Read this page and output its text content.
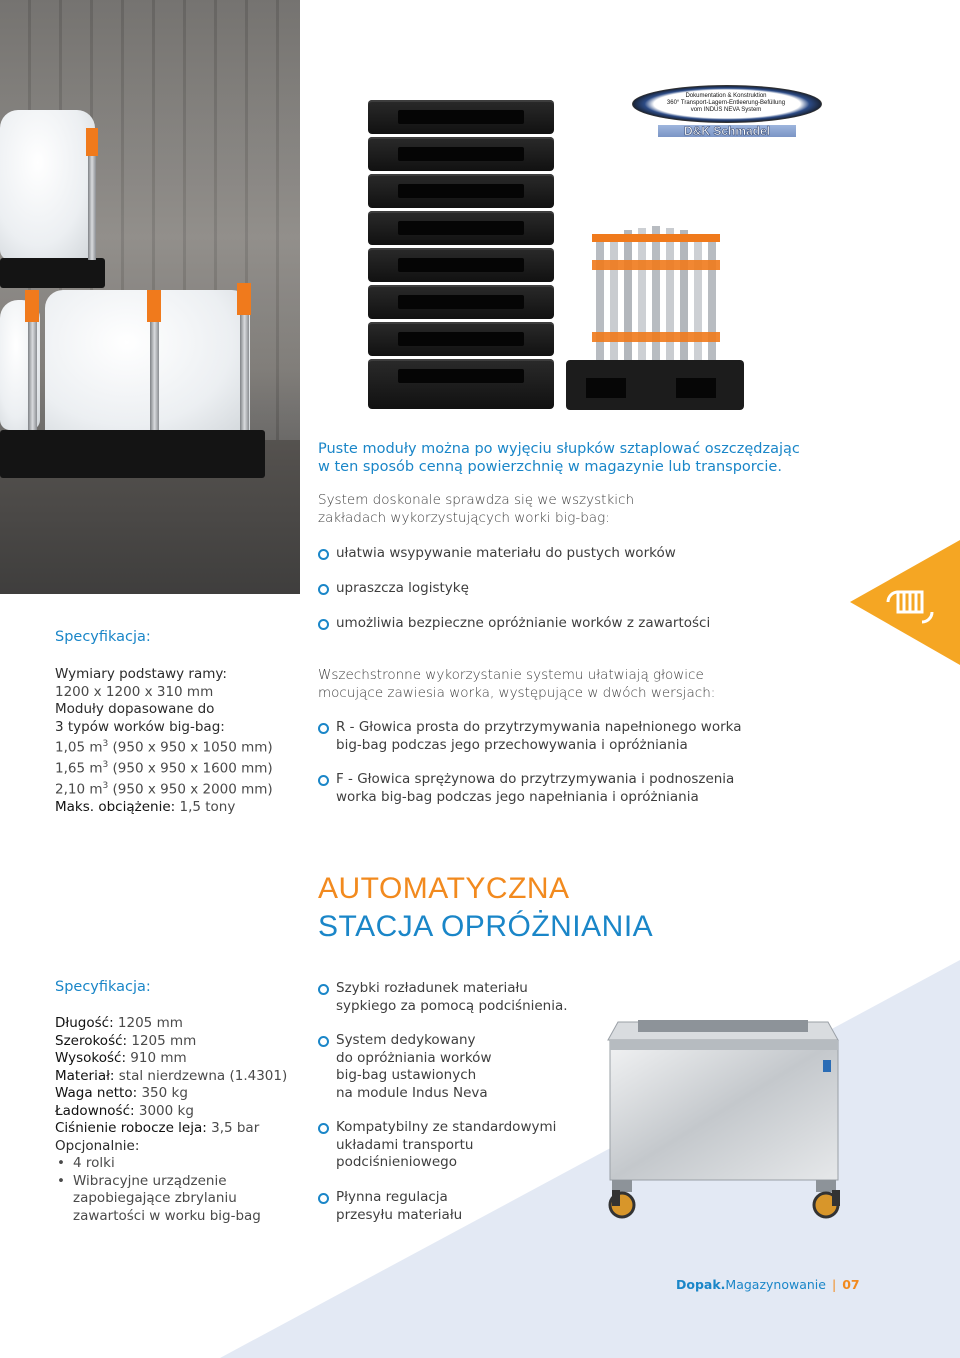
Dokumentation & Konstruktion
360° Transport-Lagern-Entleerung-Befüllung
vom INDUS NEVA System
D&K Schmadel
Puste moduły można po wyjęciu słupków sztaplować oszczędzając
w ten sposób cenną powierzchnię w magazynie lub transporcie.
System doskonale sprawdza się we wszystkich
zakładach wykorzystujących worki big-bag:
ułatwia wsypywanie materiału do pustych worków
upraszcza logistykę
umożliwia bezpieczne opróżnianie worków z zawartości
Wszechstronne wykorzystanie systemu ułatwiają głowice
mocujące zawiesia worka, występujące w dwóch wersjach:
R - Głowica prosta do przytrzymywania napełnionego worka
big-bag podczas jego przechowywania i opróżniania
F - Głowica sprężynowa do przytrzymywania i podnoszenia
worka big-bag podczas jego napełniania i opróżniania
Specyfikacja:
Wymiary podstawy ramy:
1200 x 1200 x 310 mm
Moduły dopasowane do
3 typów worków big-bag:
1,05 $m^3$ (950 x 950 x 1050 mm)
1,65 $m^3$ (950 x 950 x 1600 mm)
2,10 $m^3$ (950 x 950 x 2000 mm)
Maks. obciążenie: 1,5 tony
AUTOMATYCZNA
STACJA OPRÓŻNIANIA
Specyfikacja:
Długość: 1205 mm
Szerokość: 1205 mm
Wysokość: 910 mm
Materiał: stal nierdzewna (1.4301)
Waga netto: 350 kg
Ładowność: 3000 kg
Ciśnienie robocze leja: 3,5 bar
Opcjonalnie:
• 4 rolki
• Wibracyjne urządzenie
zapobiegające zbrylaniu
zawartości w worku big-bag
Szybki rozładunek materiału
sypkiego za pomocą podciśnienia.
System dedykowany
do opróżniania worków
big-bag ustawionych
na module Indus Neva
Kompatybilny ze standardowymi
układami transportu
podciśnieniowego
Płynna regulacja
przesyłu materiału
Dopak.Magazynowanie | 07
